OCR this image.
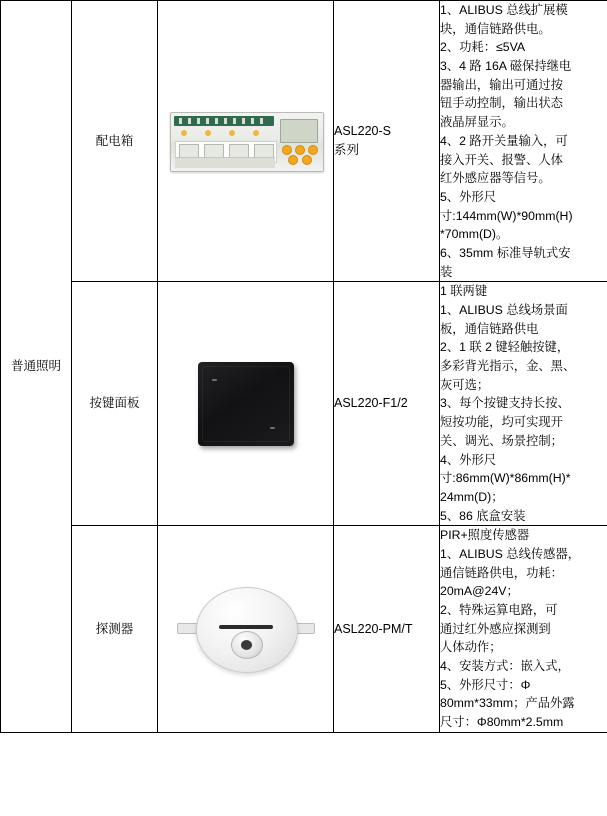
普通照明	配电箱	

ASL220-S
系列

1、ALIBUS 总线扩展模
块，通信链路供电。
2、功耗：≤5VA
3、4 路 16A 磁保持继电
器输出，输出可通过按
钮手动控制，输出状态
液晶屏显示。
4、2 路开关量输入，可
接入开关、报警、人体
红外感应器等信号。
5、外形尺
寸:144mm(W)*90mm(H)
*70mm(D)。
6、35mm 标准导轨式安
装

按键面板		ASL220-F1/2

1 联两键
1、ALIBUS 总线场景面
板，通信链路供电
2、1 联 2 键轻触按键，
多彩背光指示，金、黑、
灰可选；
3、每个按键支持长按、
短按功能，均可实现开
关、调光、场景控制；
4、外形尺
寸:86mm(W)*86mm(H)*
24mm(D)；
5、86 底盒安装

探测器		ASL220-PM/T

PIR+照度传感器
1、ALIBUS 总线传感器，
通信链路供电，功耗：
20mA@24V；
2、特殊运算电路，可
通过红外感应探测到
人体动作；
4、安装方式：嵌入式，
5、外形尺寸：Φ
80mm*33mm；产品外露
尺寸：Φ80mm*2.5mm
